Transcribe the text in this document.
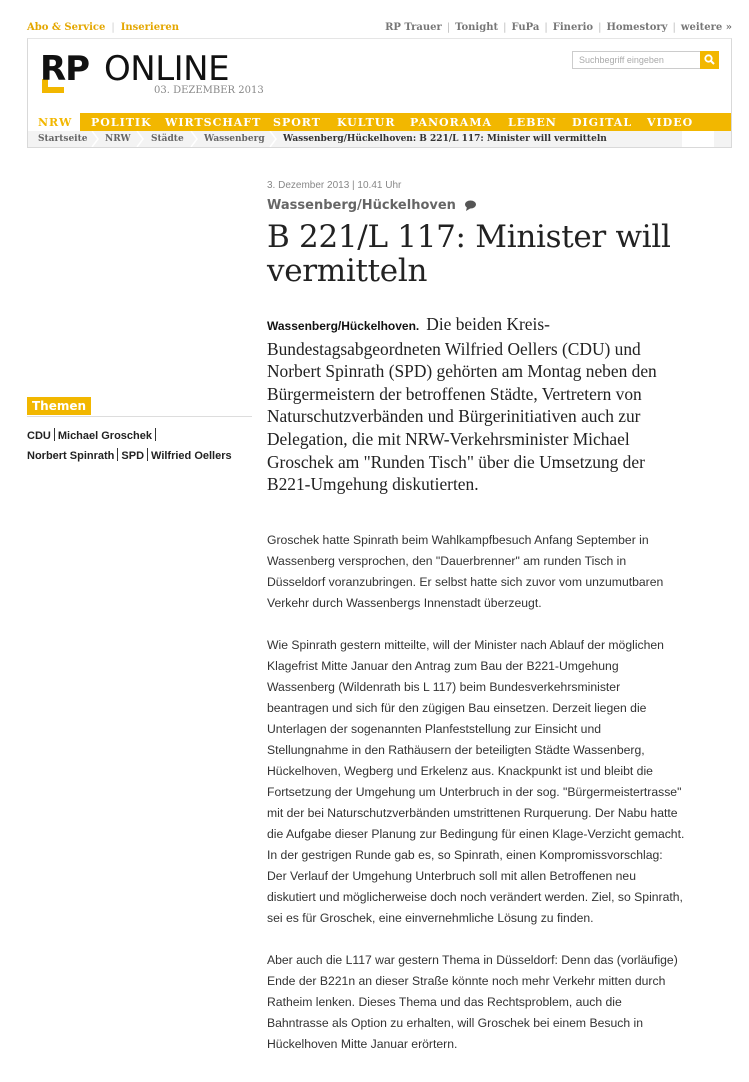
Abo & Service | Inserieren	RP Trauer | Tonight | FuPa | Finerio | Homestory | weitere »
RP ONLINE
03. DEZEMBER 2013
Suchbegriff eingeben
NRW	POLITIK WIRTSCHAFT SPORT KULTUR PANORAMA LEBEN DIGITAL VIDEO
Startseite NRW Städte Wassenberg Wassenberg/Hückelhoven: B 221/L 117: Minister will vermitteln
Themen
CDU Michael Groschek
Norbert Spinrath SPD Wilfried Oellers
3. Dezember 2013 | 10.41 Uhr
Wassenberg/Hückelhoven
B 221/L 117: Minister will vermitteln
Wassenberg/Hückelhoven. Die beiden Kreis-Bundestagsabgeordneten Wilfried Oellers (CDU) und Norbert Spinrath (SPD) gehörten am Montag neben den Bürgermeistern der betroffenen Städte, Vertretern von Naturschutzverbänden und Bürgerinitiativen auch zur Delegation, die mit NRW-Verkehrsminister Michael Groschek am "Runden Tisch" über die Umsetzung der B221-Umgehung diskutierten.

Groschek hatte Spinrath beim Wahlkampfbesuch Anfang September in Wassenberg versprochen, den "Dauerbrenner" am runden Tisch in Düsseldorf voranzubringen. Er selbst hatte sich zuvor vom unzumutbaren Verkehr durch Wassenbergs Innenstadt überzeugt.

Wie Spinrath gestern mitteilte, will der Minister nach Ablauf der möglichen Klagefrist Mitte Januar den Antrag zum Bau der B221-Umgehung Wassenberg (Wildenrath bis L 117) beim Bundesverkehrsminister beantragen und sich für den zügigen Bau einsetzen. Derzeit liegen die Unterlagen der sogenannten Planfeststellung zur Einsicht und Stellungnahme in den Rathäusern der beteiligten Städte Wassenberg, Hückelhoven, Wegberg und Erkelenz aus. Knackpunkt ist und bleibt die Fortsetzung der Umgehung um Unterbruch in der sog. "Bürgermeistertrasse" mit der bei Naturschutzverbänden umstrittenen Rurquerung. Der Nabu hatte die Aufgabe dieser Planung zur Bedingung für einen Klage-Verzicht gemacht. In der gestrigen Runde gab es, so Spinrath, einen Kompromissvorschlag: Der Verlauf der Umgehung Unterbruch soll mit allen Betroffenen neu diskutiert und möglicherweise doch noch verändert werden. Ziel, so Spinrath, sei es für Groschek, eine einvernehmliche Lösung zu finden.

Aber auch die L117 war gestern Thema in Düsseldorf: Denn das (vorläufige) Ende der B221n an dieser Straße könnte noch mehr Verkehr mitten durch Ratheim lenken. Dieses Thema und das Rechtsproblem, auch die Bahntrasse als Option zu erhalten, will Groschek bei einem Besuch in Hückelhoven Mitte Januar erörtern.
